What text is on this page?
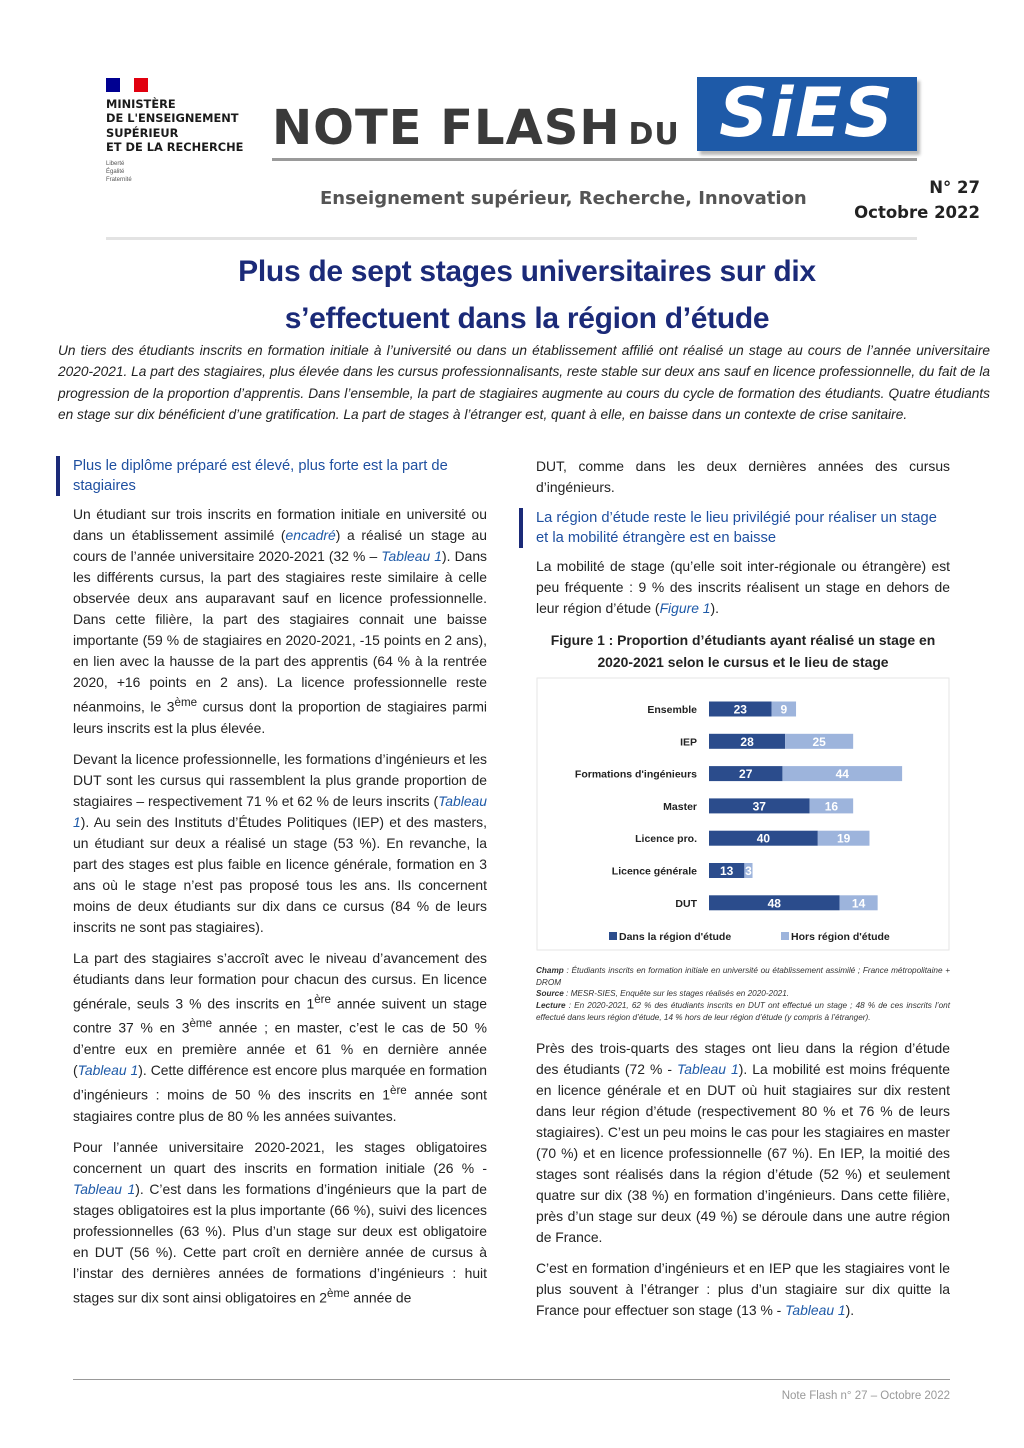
MINISTÈRE
DE L'ENSEIGNEMENT
SUPÉRIEUR
ET DE LA RECHERCHE
Liberté
Égalité
Fraternité
NOTE FLASH DU SiES
Enseignement supérieur, Recherche, Innovation
N° 27
Octobre 2022
Plus de sept stages universitaires sur dix
s’effectuent dans la région d’étude
Un tiers des étudiants inscrits en formation initiale à l’université ou dans un établissement affilié ont réalisé un stage au cours de l’année universitaire 2020-2021. La part des stagiaires, plus élevée dans les cursus professionnalisants, reste stable sur deux ans sauf en licence professionnelle, du fait de la progression de la proportion d’apprentis. Dans l’ensemble, la part de stagiaires augmente au cours du cycle de formation des étudiants. Quatre étudiants en stage sur dix bénéficient d’une gratification. La part de stages à l’étranger est, quant à elle, en baisse dans un contexte de crise sanitaire.
Plus le diplôme préparé est élevé, plus forte est la part de stagiaires

Un étudiant sur trois inscrits en formation initiale en université ou dans un établissement assimilé (encadré) a réalisé un stage au cours de l’année universitaire 2020-2021 (32 % – Tableau 1). Dans les différents cursus, la part des stagiaires reste similaire à celle observée deux ans auparavant sauf en licence professionnelle. Dans cette filière, la part des stagiaires connait une baisse importante (59 % de stagiaires en 2020-2021, -15 points en 2 ans), en lien avec la hausse de la part des apprentis (64 % à la rentrée 2020, +16 points en 2 ans). La licence professionnelle reste néanmoins, le 3ème cursus dont la proportion de stagiaires parmi leurs inscrits est la plus élevée.

Devant la licence professionnelle, les formations d’ingénieurs et les DUT sont les cursus qui rassemblent la plus grande proportion de stagiaires – respectivement 71 % et 62 % de leurs inscrits (Tableau 1). Au sein des Instituts d’Études Politiques (IEP) et des masters, un étudiant sur deux a réalisé un stage (53 %). En revanche, la part des stages est plus faible en licence générale, formation en 3 ans où le stage n’est pas proposé tous les ans. Ils concernent moins de deux étudiants sur dix dans ce cursus (84 % de leurs inscrits ne sont pas stagiaires).

La part des stagiaires s’accroît avec le niveau d’avancement des étudiants dans leur formation pour chacun des cursus. En licence générale, seuls 3 % des inscrits en 1ère année suivent un stage contre 37 % en 3ème année ; en master, c’est le cas de 50 % d’entre eux en première année et 61 % en dernière année (Tableau 1). Cette différence est encore plus marquée en formation d’ingénieurs : moins de 50 % des inscrits en 1ère année sont stagiaires contre plus de 80 % les années suivantes.

Pour l’année universitaire 2020-2021, les stages obligatoires concernent un quart des inscrits en formation initiale (26 % - Tableau 1). C’est dans les formations d’ingénieurs que la part de stages obligatoires est la plus importante (66 %), suivi des licences professionnelles (63 %). Plus d’un stage sur deux est obligatoire en DUT (56 %). Cette part croît en dernière année de cursus à l’instar des dernières années de formations d’ingénieurs : huit stages sur dix sont ainsi obligatoires en 2ème année de

DUT, comme dans les deux dernières années des cursus d’ingénieurs.

La région d’étude reste le lieu privilégié pour réaliser un stage et la mobilité étrangère est en baisse

La mobilité de stage (qu’elle soit inter-régionale ou étrangère) est peu fréquente : 9 % des inscrits réalisent un stage en dehors de leur région d’étude (Figure 1).

Figure 1 : Proportion d’étudiants ayant réalisé un stage en 2020-2021 selon le cursus et le lieu de stage
Ensemble	23	9
IEP	28	25
Formations d'ingénieurs	27	44
Master	37	16
Licence pro.	40	19
Licence générale 13 3
DUT	48	14
Dans la région d'étude	Hors région d'étude
Champ : Étudiants inscrits en formation initiale en université ou établissement assimilé ; France métropolitaine + DROM
Source : MESR-SIES, Enquête sur les stages réalisés en 2020-2021.
Lecture : En 2020-2021, 62 % des étudiants inscrits en DUT ont effectué un stage ; 48 % de ces inscrits l’ont effectué dans leurs région d’étude, 14 % hors de leur région d’étude (y compris à l’étranger).

Près des trois-quarts des stages ont lieu dans la région d’étude des étudiants (72 % - Tableau 1). La mobilité est moins fréquente en licence générale et en DUT où huit stagiaires sur dix restent dans leur région d’étude (respectivement 80 % et 76 % de leurs stagiaires). C’est un peu moins le cas pour les stagiaires en master (70 %) et en licence professionnelle (67 %). En IEP, la moitié des stages sont réalisés dans la région d’étude (52 %) et seulement quatre sur dix (38 %) en formation d’ingénieurs. Dans cette filière, près d’un stage sur deux (49 %) se déroule dans une autre région de France.

C’est en formation d’ingénieurs et en IEP que les stagiaires vont le plus souvent à l’étranger : plus d’un stagiaire sur dix quitte la France pour effectuer son stage (13 % - Tableau 1).

Note Flash n° 27 – Octobre 2022
